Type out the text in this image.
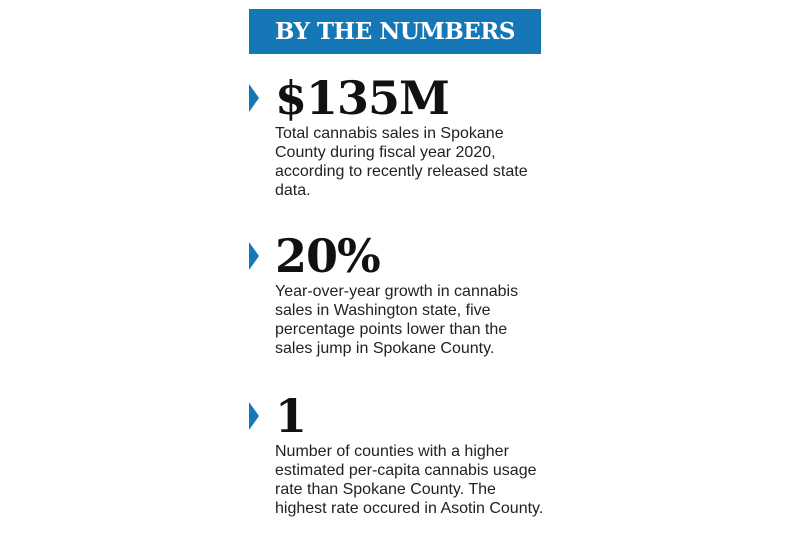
BY THE NUMBERS
$135M
Total cannabis sales in Spokane
County during fiscal year 2020,
according to recently released state
data.
20%
Year-over-year growth in cannabis
sales in Washington state, five
percentage points lower than the
sales jump in Spokane County.
1
Number of counties with a higher
estimated per-capita cannabis usage
rate than Spokane County. The
highest rate occured in Asotin County.
